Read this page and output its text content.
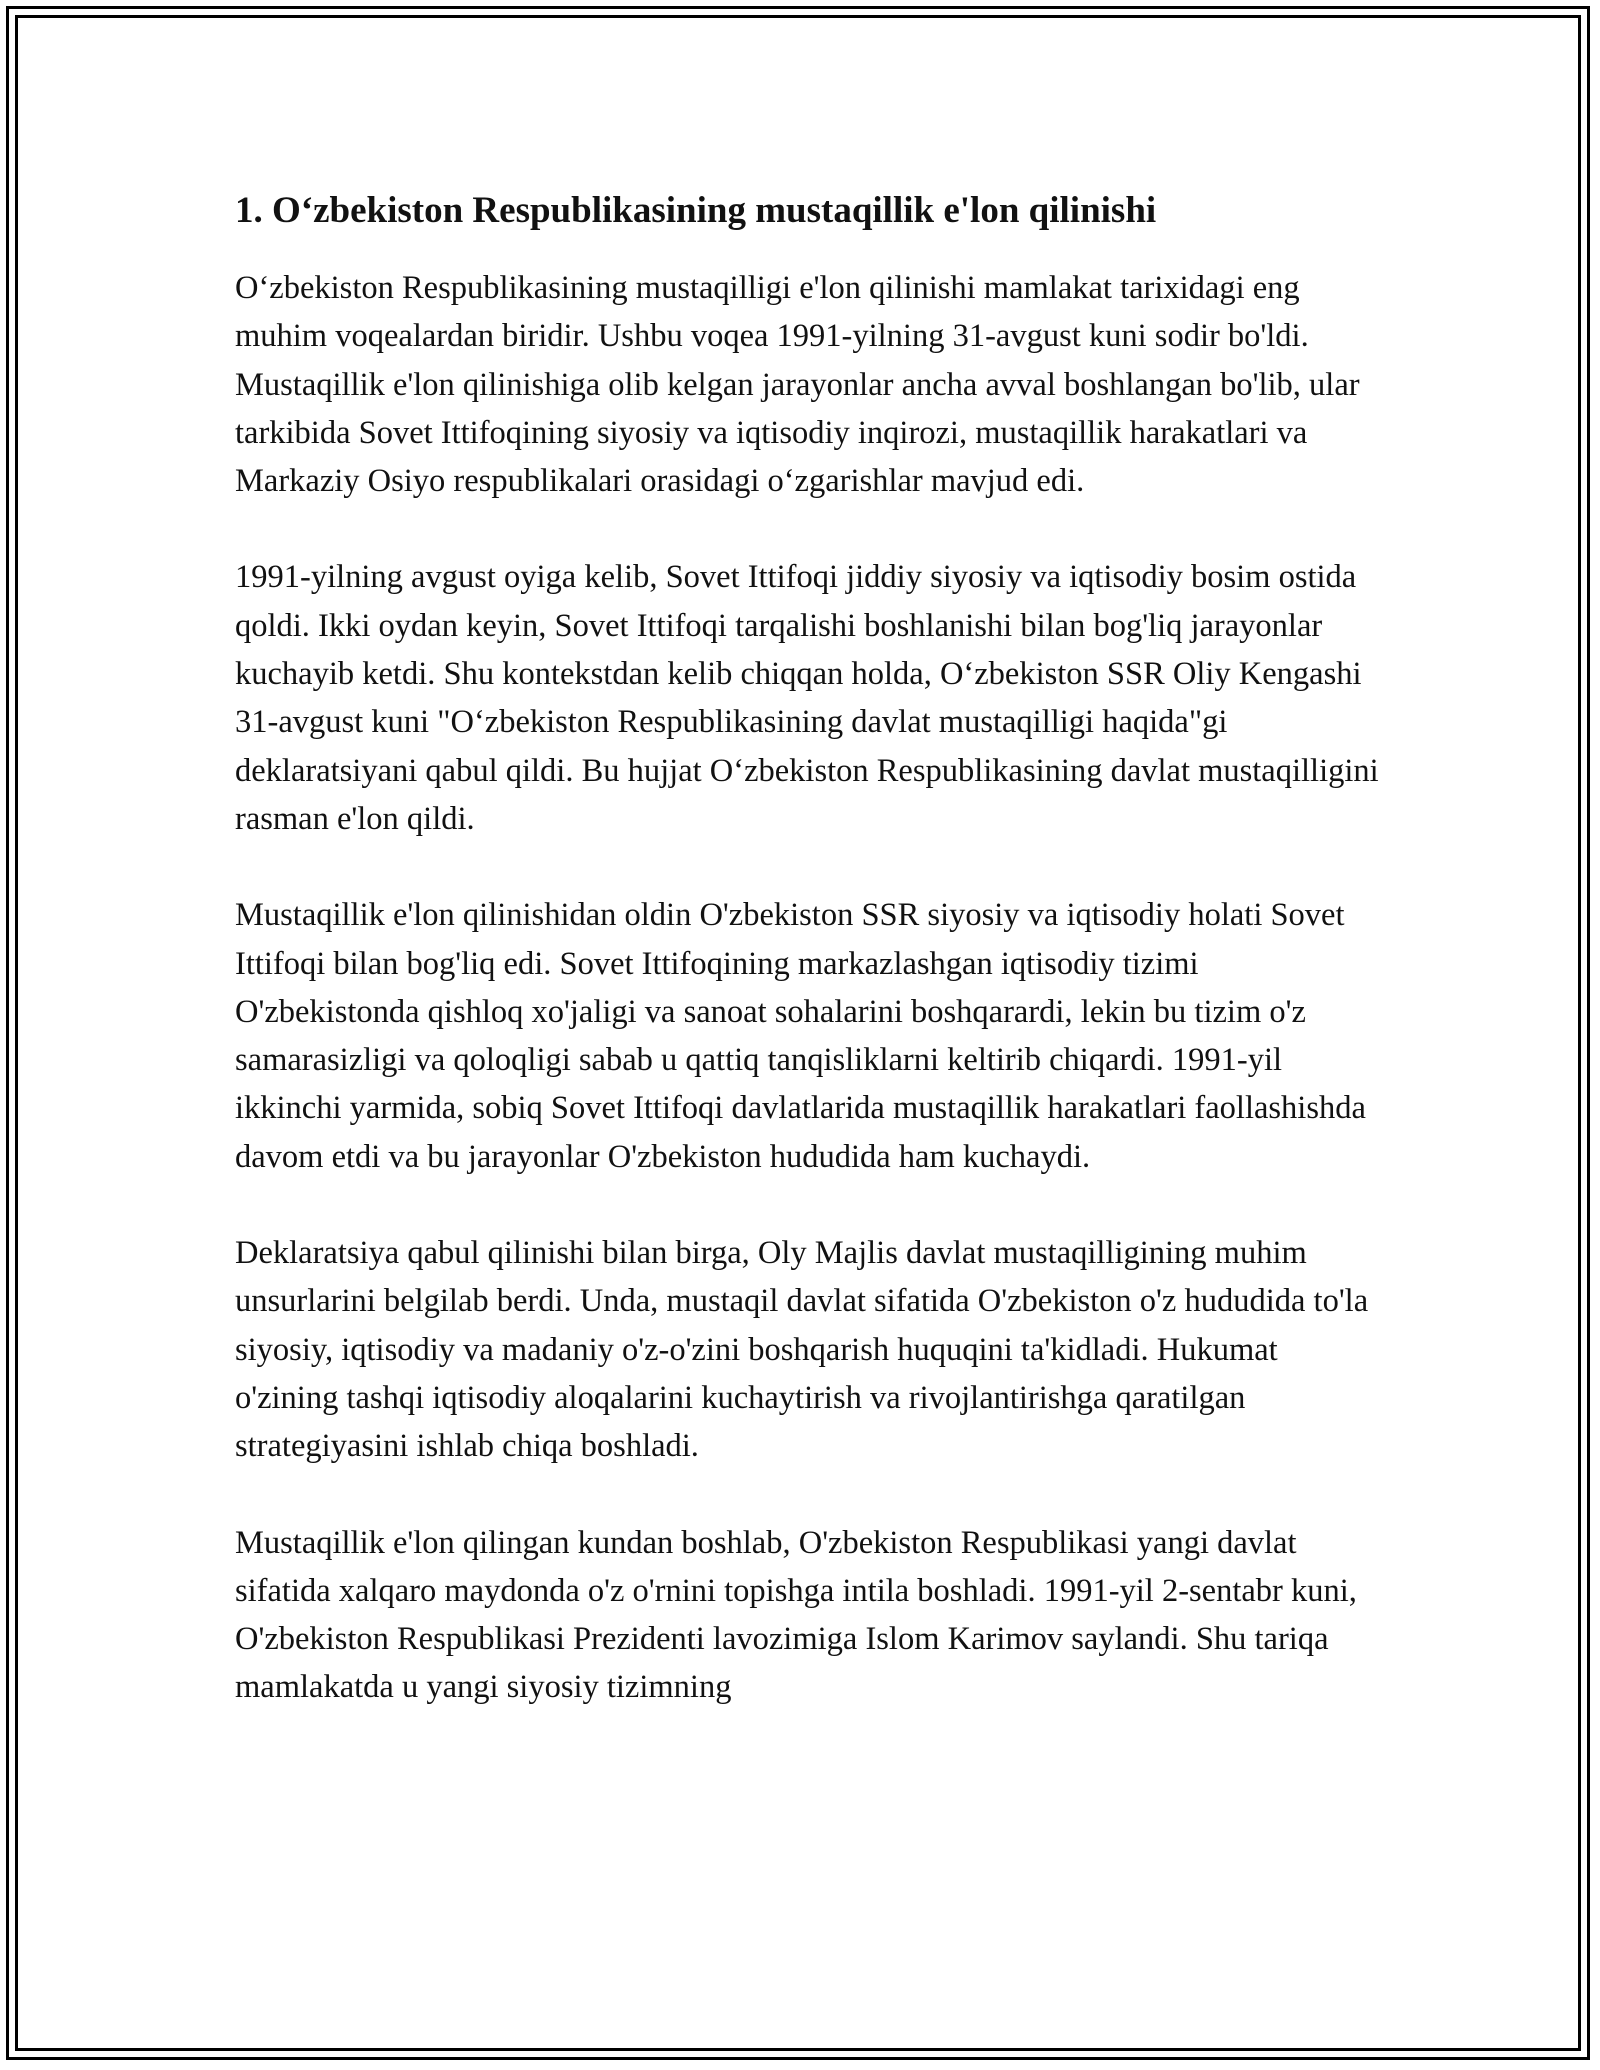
1. O‘zbekiston Respublikasining mustaqillik e'lon qilinishi

O‘zbekiston Respublikasining mustaqilligi e'lon qilinishi mamlakat tarixidagi eng muhim voqealardan biridir. Ushbu voqea 1991-yilning 31-avgust kuni sodir bo'ldi. Mustaqillik e'lon qilinishiga olib kelgan jarayonlar ancha avval boshlangan bo'lib, ular tarkibida Sovet Ittifoqining siyosiy va iqtisodiy inqirozi, mustaqillik harakatlari va Markaziy Osiyo respublikalari orasidagi o‘zgarishlar mavjud edi.

1991-yilning avgust oyiga kelib, Sovet Ittifoqi jiddiy siyosiy va iqtisodiy bosim ostida qoldi. Ikki oydan keyin, Sovet Ittifoqi tarqalishi boshlanishi bilan bog'liq jarayonlar kuchayib ketdi. Shu kontekstdan kelib chiqqan holda, O‘zbekiston SSR Oliy Kengashi 31-avgust kuni "O‘zbekiston Respublikasining davlat mustaqilligi haqida"gi deklaratsiyani qabul qildi. Bu hujjat O‘zbekiston Respublikasining davlat mustaqilligini rasman e'lon qildi.

Mustaqillik e'lon qilinishidan oldin O'zbekiston SSR siyosiy va iqtisodiy holati Sovet Ittifoqi bilan bog'liq edi. Sovet Ittifoqining markazlashgan iqtisodiy tizimi O'zbekistonda qishloq xo'jaligi va sanoat sohalarini boshqarardi, lekin bu tizim o'z samarasizligi va qoloqligi sabab u qattiq tanqisliklarni keltirib chiqardi. 1991-yil ikkinchi yarmida, sobiq Sovet Ittifoqi davlatlarida mustaqillik harakatlari faollashishda davom etdi va bu jarayonlar O'zbekiston hududida ham kuchaydi.

Deklaratsiya qabul qilinishi bilan birga, Oly Majlis davlat mustaqilligining muhim unsurlarini belgilab berdi. Unda, mustaqil davlat sifatida O'zbekiston o'z hududida to'la siyosiy, iqtisodiy va madaniy o'z-o'zini boshqarish huquqini ta'kidladi. Hukumat o'zining tashqi iqtisodiy aloqalarini kuchaytirish va rivojlantirishga qaratilgan strategiyasini ishlab chiqa boshladi.

Mustaqillik e'lon qilingan kundan boshlab, O'zbekiston Respublikasi yangi davlat sifatida xalqaro maydonda o'z o'rnini topishga intila boshladi. 1991-yil 2-sentabr kuni, O'zbekiston Respublikasi Prezidenti lavozimiga Islom Karimov saylandi. Shu tariqa mamlakatda u yangi siyosiy tizimning
